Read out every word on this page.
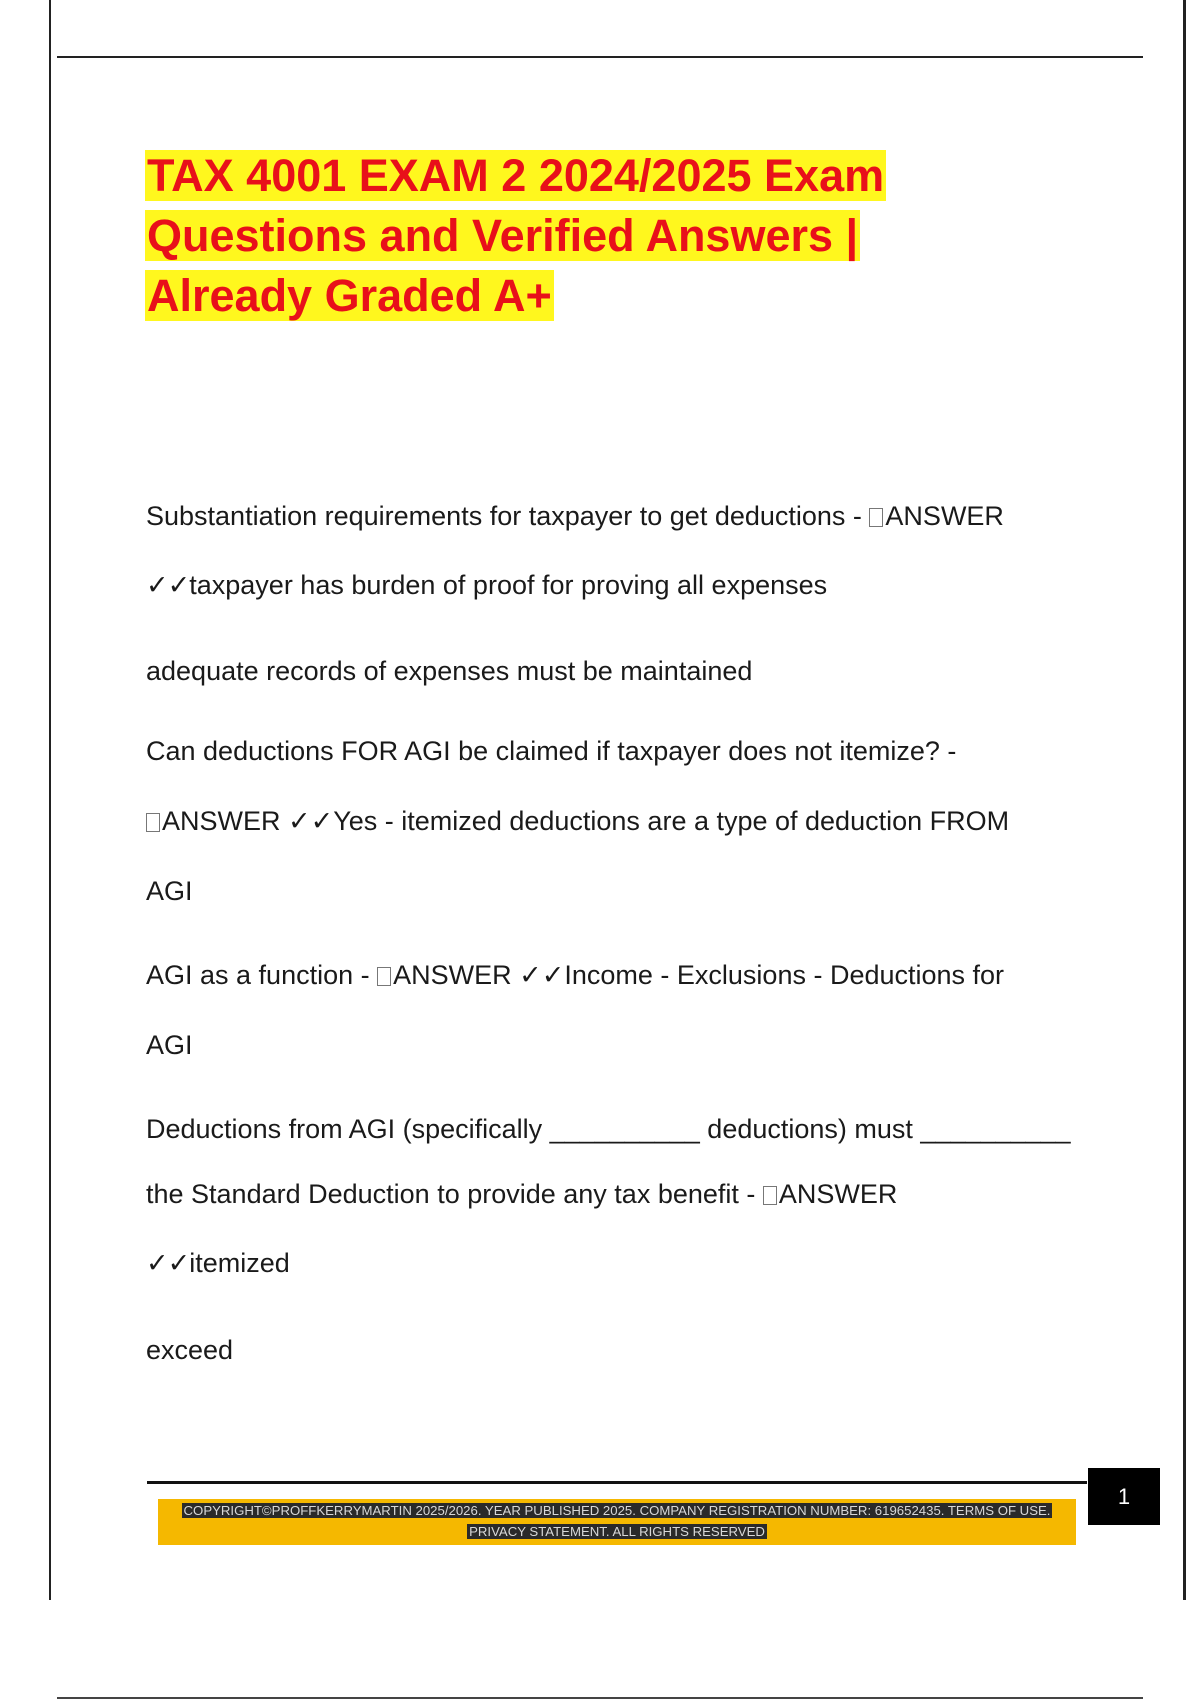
TAX 4001 EXAM 2 2024/2025 Exam
Questions and Verified Answers |
Already Graded A+
Substantiation requirements for taxpayer to get deductions - ANSWER
✓✓taxpayer has burden of proof for proving all expenses
adequate records of expenses must be maintained
Can deductions FOR AGI be claimed if taxpayer does not itemize? -
ANSWER ✓✓Yes - itemized deductions are a type of deduction FROM
AGI
AGI as a function - ANSWER ✓✓Income - Exclusions - Deductions for
AGI
Deductions from AGI (specifically __________ deductions) must __________
the Standard Deduction to provide any tax benefit - ANSWER
✓✓itemized
exceed
1
COPYRIGHT©PROFFKERRYMARTIN 2025/2026. YEAR PUBLISHED 2025. COMPANY REGISTRATION NUMBER: 619652435. TERMS OF USE.
PRIVACY STATEMENT. ALL RIGHTS RESERVED
